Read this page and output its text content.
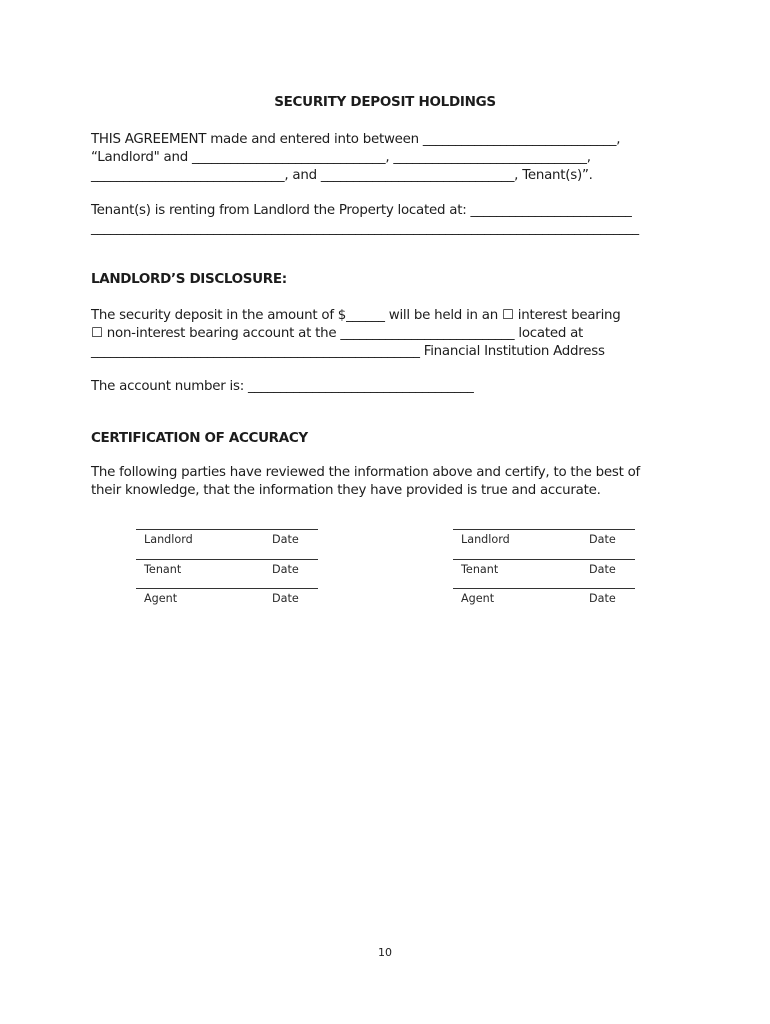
SECURITY DEPOSIT HOLDINGS
THIS AGREEMENT made and entered into between ______________________________,
“Landlord" and ______________________________, ______________________________,
______________________________, and ______________________________, Tenant(s)”.
Tenant(s) is renting from Landlord the Property located at: _________________________
_____________________________________________________________________________________
LANDLORD’S DISCLOSURE:
The security deposit in the amount of $______ will be held in an ☐ interest bearing
☐ non-interest bearing account at the ___________________________ located at
___________________________________________________ Financial Institution Address
The account number is: ___________________________________
CERTIFICATION OF ACCURACY
The following parties have reviewed the information above and certify, to the best of
their knowledge, that the information they have provided is true and accurate.
Landlord	Date
Tenant	Date
Agent	Date
Landlord	Date
Tenant	Date
Agent	Date
10
